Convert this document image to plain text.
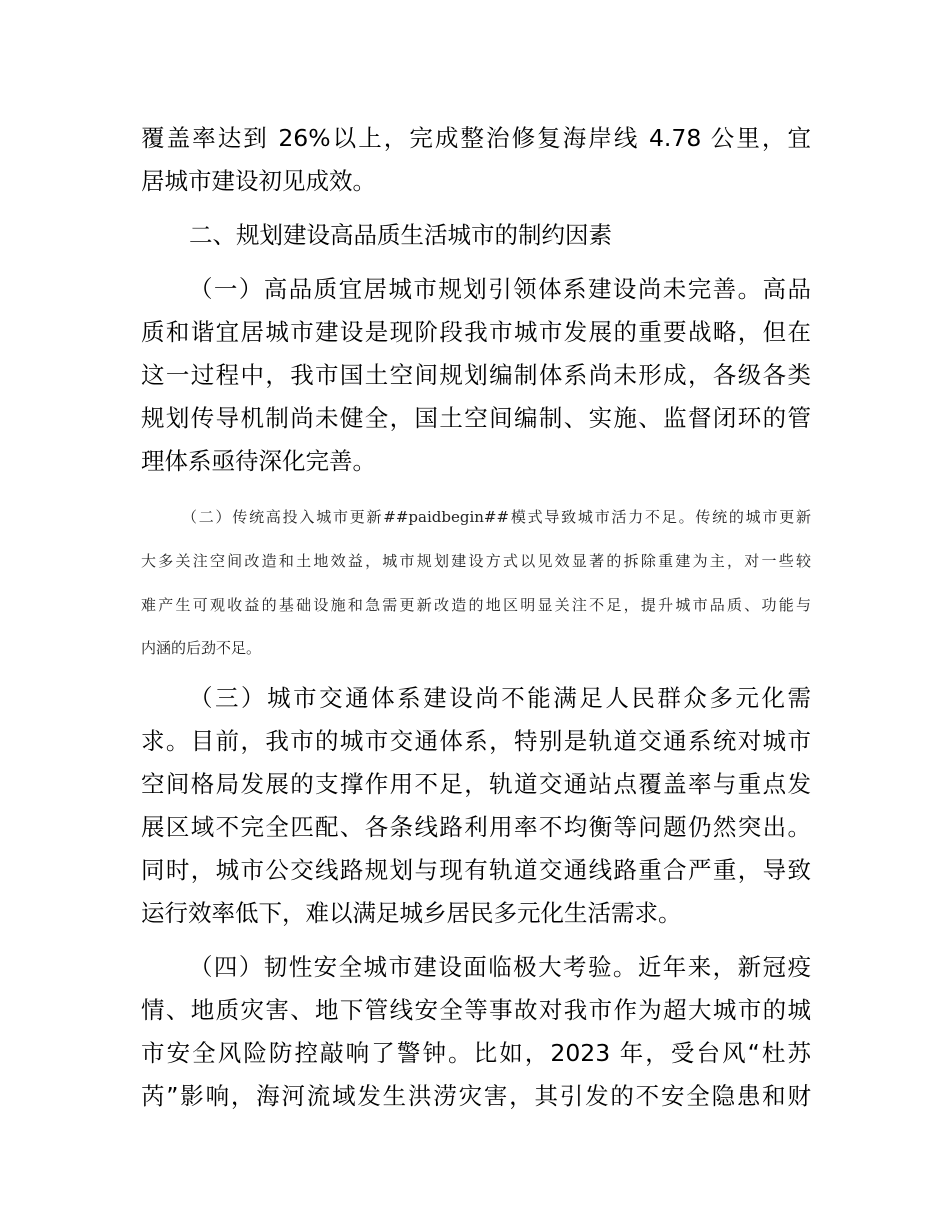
覆盖率达到 26%以上，完成整治修复海岸线 4.78 公里，宜
居城市建设初见成效。
二、规划建设高品质生活城市的制约因素
（一）高品质宜居城市规划引领体系建设尚未完善。高品
质和谐宜居城市建设是现阶段我市城市发展的重要战略，但在
这一过程中，我市国土空间规划编制体系尚未形成，各级各类
规划传导机制尚未健全，国土空间编制、实施、监督闭环的管
理体系亟待深化完善。
（二）传统高投入城市更新##paidbegin##模式导致城市活力不足。传统的城市更新
大多关注空间改造和土地效益，城市规划建设方式以见效显著的拆除重建为主，对一些较
难产生可观收益的基础设施和急需更新改造的地区明显关注不足，提升城市品质、功能与
内涵的后劲不足。
（三）城市交通体系建设尚不能满足人民群众多元化需
求。目前，我市的城市交通体系，特别是轨道交通系统对城市
空间格局发展的支撑作用不足，轨道交通站点覆盖率与重点发
展区域不完全匹配、各条线路利用率不均衡等问题仍然突出。
同时，城市公交线路规划与现有轨道交通线路重合严重，导致
运行效率低下，难以满足城乡居民多元化生活需求。
（四）韧性安全城市建设面临极大考验。近年来，新冠疫
情、地质灾害、地下管线安全等事故对我市作为超大城市的城
市安全风险防控敲响了警钟。比如，2023 年，受台风“杜苏
芮”影响，海河流域发生洪涝灾害，其引发的不安全隐患和财
